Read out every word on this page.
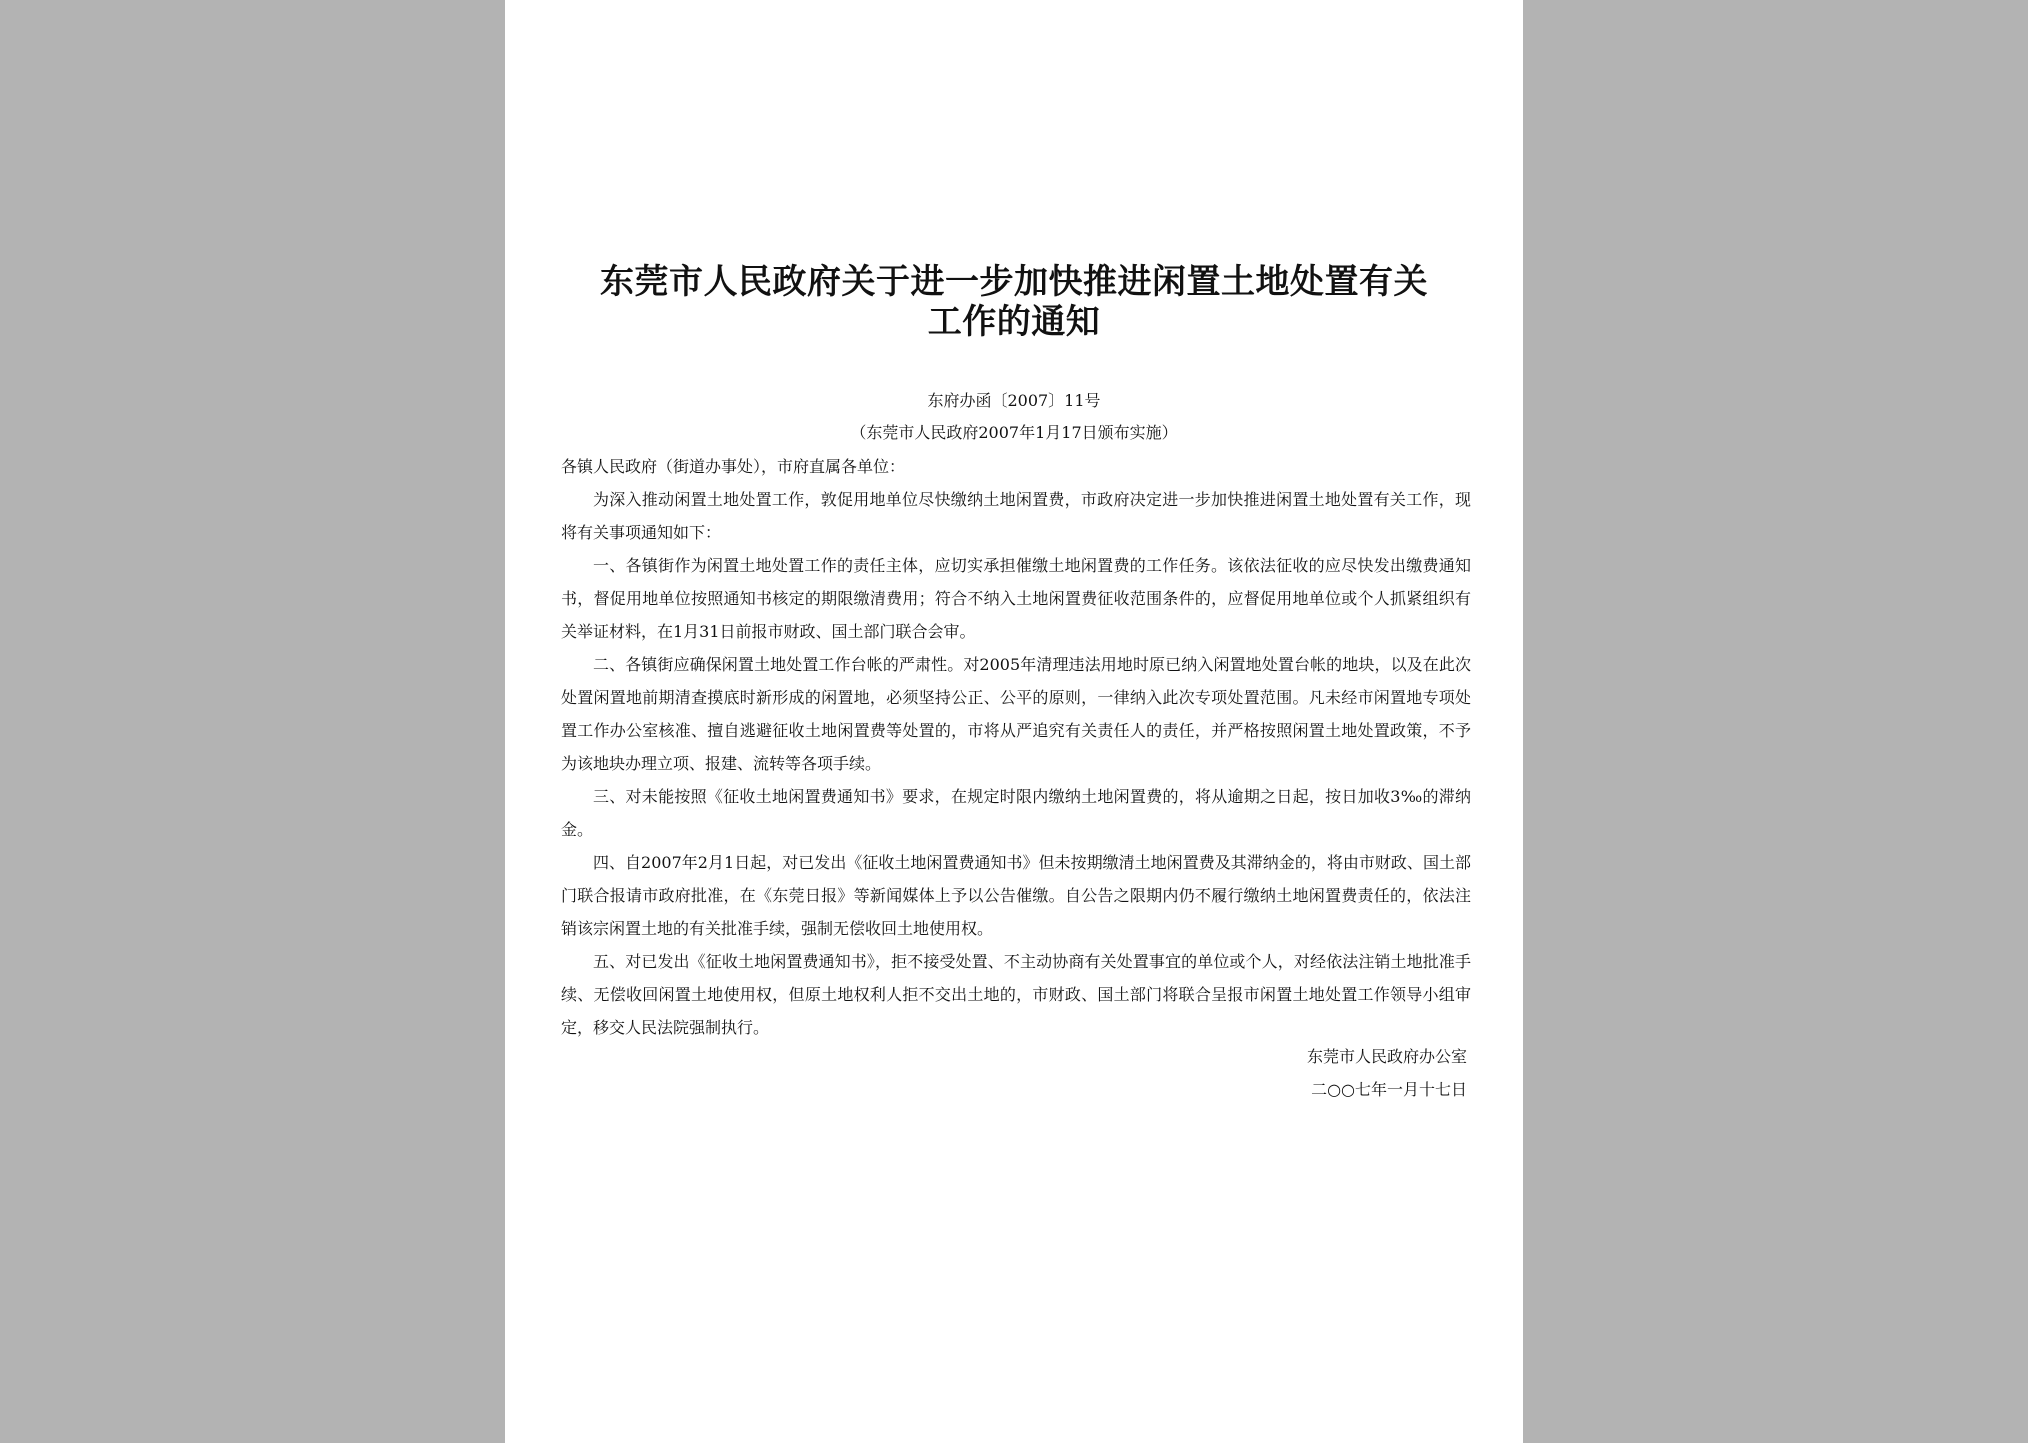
东莞市人民政府关于进一步加快推进闲置土地处置有关工作的通知
东府办函〔2007〕11号
（东莞市人民政府2007年1月17日颁布实施）

各镇人民政府（街道办事处），市府直属各单位：

为深入推动闲置土地处置工作，敦促用地单位尽快缴纳土地闲置费，市政府决定进一步加快推进闲置土地处置有关工作，现将有关事项通知如下：

一、各镇街作为闲置土地处置工作的责任主体，应切实承担催缴土地闲置费的工作任务。该依法征收的应尽快发出缴费通知书，督促用地单位按照通知书核定的期限缴清费用；符合不纳入土地闲置费征收范围条件的，应督促用地单位或个人抓紧组织有关举证材料，在1月31日前报市财政、国土部门联合会审。

二、各镇街应确保闲置土地处置工作台帐的严肃性。对2005年清理违法用地时原已纳入闲置地处置台帐的地块，以及在此次处置闲置地前期清查摸底时新形成的闲置地，必须坚持公正、公平的原则，一律纳入此次专项处置范围。凡未经市闲置地专项处置工作办公室核准、擅自逃避征收土地闲置费等处置的，市将从严追究有关责任人的责任，并严格按照闲置土地处置政策，不予为该地块办理立项、报建、流转等各项手续。

三、对未能按照《征收土地闲置费通知书》要求，在规定时限内缴纳土地闲置费的，将从逾期之日起，按日加收3‰的滞纳金。

四、自2007年2月1日起，对已发出《征收土地闲置费通知书》但未按期缴清土地闲置费及其滞纳金的，将由市财政、国土部门联合报请市政府批准，在《东莞日报》等新闻媒体上予以公告催缴。自公告之限期内仍不履行缴纳土地闲置费责任的，依法注销该宗闲置土地的有关批准手续，强制无偿收回土地使用权。

五、对已发出《征收土地闲置费通知书》，拒不接受处置、不主动协商有关处置事宜的单位或个人，对经依法注销土地批准手续、无偿收回闲置土地使用权，但原土地权利人拒不交出土地的，市财政、国土部门将联合呈报市闲置土地处置工作领导小组审定，移交人民法院强制执行。

东莞市人民政府办公室
二○○七年一月十七日
